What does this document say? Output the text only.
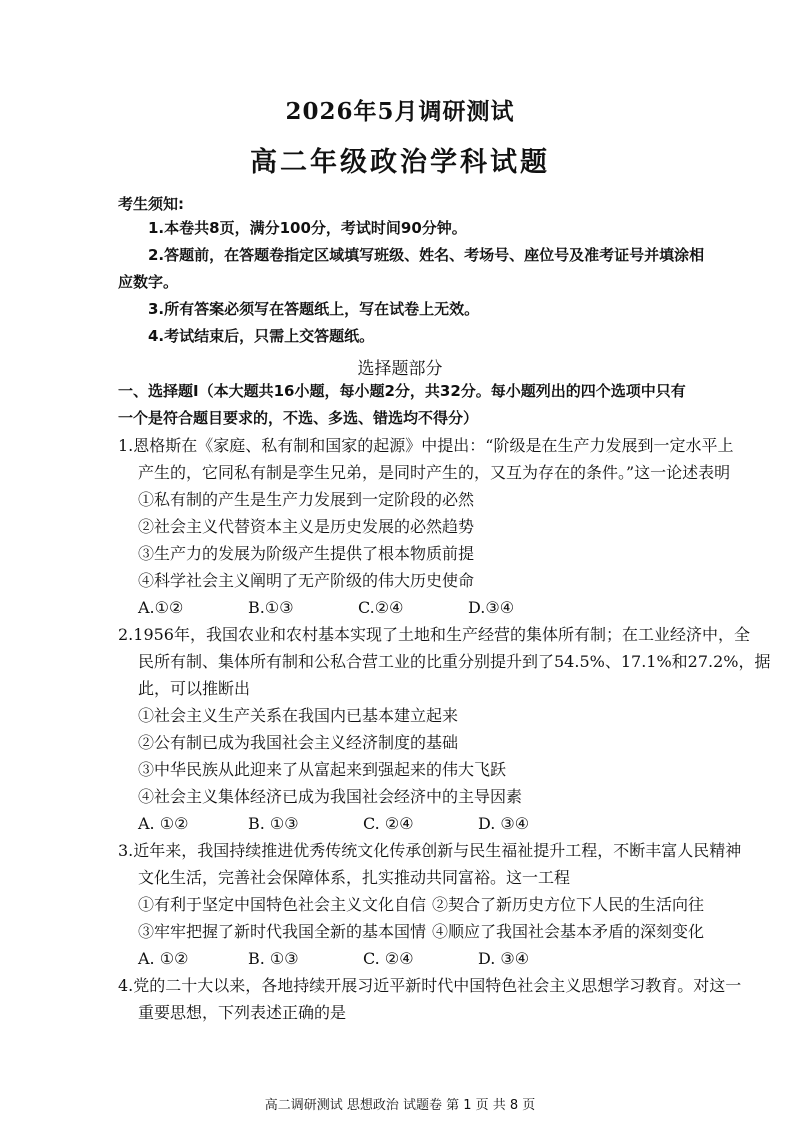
2026年5月调研测试
高二年级政治学科试题
考生须知:
1.本卷共8页，满分100分，考试时间90分钟。
2.答题前，在答题卷指定区域填写班级、姓名、考场号、座位号及准考证号并填涂相
应数字。
3.所有答案必须写在答题纸上，写在试卷上无效。
4.考试结束后，只需上交答题纸。
选择题部分
一、选择题Ⅰ（本大题共16小题，每小题2分，共32分。每小题列出的四个选项中只有
一个是符合题目要求的，不选、多选、错选均不得分）
1.恩格斯在《家庭、私有制和国家的起源》中提出：“阶级是在生产力发展到一定水平上
产生的，它同私有制是孪生兄弟，是同时产生的，又互为存在的条件。”这一论述表明
①私有制的产生是生产力发展到一定阶段的必然
②社会主义代替资本主义是历史发展的必然趋势
③生产力的发展为阶级产生提供了根本物质前提
④科学社会主义阐明了无产阶级的伟大历史使命
A.①②	B.①③	C.②④	D.③④
2.1956年，我国农业和农村基本实现了土地和生产经营的集体所有制；在工业经济中，全
民所有制、集体所有制和公私合营工业的比重分别提升到了54.5%、17.1%和27.2%，据
此，可以推断出
①社会主义生产关系在我国内已基本建立起来
②公有制已成为我国社会主义经济制度的基础
③中华民族从此迎来了从富起来到强起来的伟大飞跃
④社会主义集体经济已成为我国社会经济中的主导因素
A. ①②	B. ①③	C. ②④	D. ③④
3.近年来，我国持续推进优秀传统文化传承创新与民生福祉提升工程，不断丰富人民精神
文化生活，完善社会保障体系，扎实推动共同富裕。这一工程
①有利于坚定中国特色社会主义文化自信 ②契合了新历史方位下人民的生活向往
③牢牢把握了新时代我国全新的基本国情 ④顺应了我国社会基本矛盾的深刻变化
A. ①②	B. ①③	C. ②④	D. ③④
4.党的二十大以来，各地持续开展习近平新时代中国特色社会主义思想学习教育。对这一
重要思想，下列表述正确的是
高二调研测试 思想政治 试题卷 第 1 页 共 8 页
